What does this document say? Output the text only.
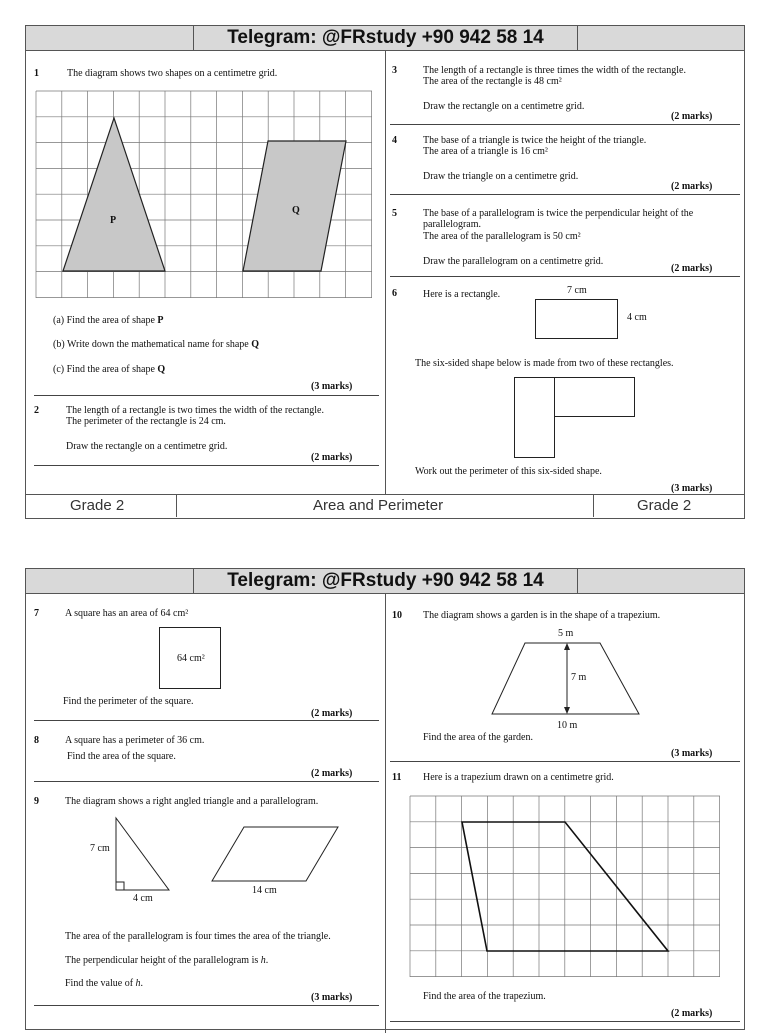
Telegram: @FRstudy +90 942 58 14
1	The diagram shows two shapes on a centimetre grid.
P
Q
(a) Find the area of shape P
(b) Write down the mathematical name for shape Q
(c) Find the area of shape Q
(3 marks)
2	The length of a rectangle is two times the width of the rectangle.
The perimeter of the rectangle is 24 cm.
Draw the rectangle on a centimetre grid.
(2 marks)
3	The length of a rectangle is three times the width of the rectangle.
The area of the rectangle is 48 cm²
Draw the rectangle on a centimetre grid.
(2 marks)
4	The base of a triangle is twice the height of the triangle.
The area of a triangle is 16 cm²
Draw the triangle on a centimetre grid.
(2 marks)
5	The base of a parallelogram is twice the perpendicular height of the
parallelogram.
The area of the parallelogram is 50 cm²
Draw the parallelogram on a centimetre grid.
(2 marks)
6	Here is a rectangle.	7 cm
4 cm
The six-sided shape below is made from two of these rectangles.
Work out the perimeter of this six-sided shape.
(3 marks)
Grade 2	Area and Perimeter	Grade 2
Telegram: @FRstudy +90 942 58 14
7	A square has an area of 64 cm²
64 cm²
Find the perimeter of the square.
(2 marks)
8	A square has a perimeter of 36 cm.
Find the area of the square.
(2 marks)
9	The diagram shows a right angled triangle and a parallelogram.
7 cm
4 cm
14 cm
The area of the parallelogram is four times the area of the triangle.
The perpendicular height of the parallelogram is h.
Find the value of h.
(3 marks)
10 The diagram shows a garden is in the shape of a trapezium.
5 m
7 m
10 m
Find the area of the garden.
(3 marks)
11 Here is a trapezium drawn on a centimetre grid.
Find the area of the trapezium.
(2 marks)
